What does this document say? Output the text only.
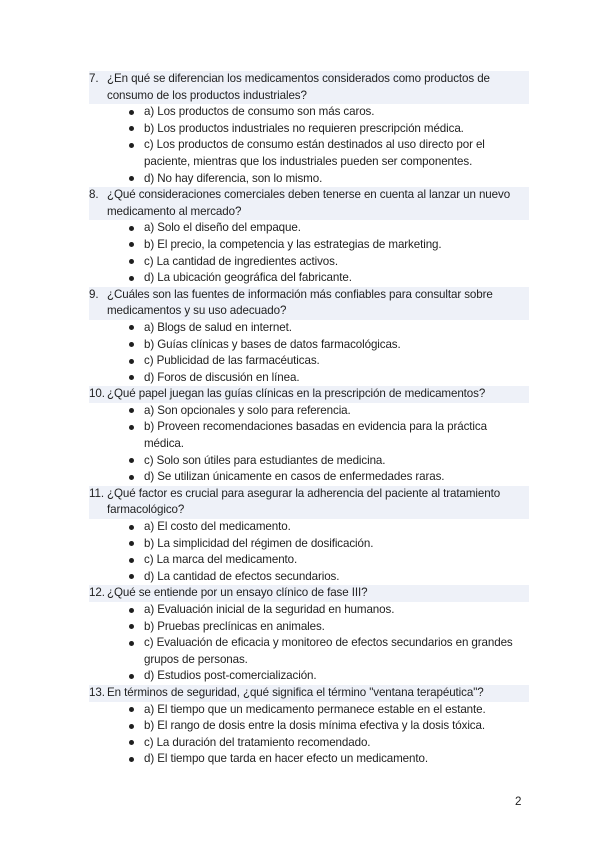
7. ¿En qué se diferencian los medicamentos considerados como productos de consumo de los productos industriales?
a) Los productos de consumo son más caros.
b) Los productos industriales no requieren prescripción médica.
c) Los productos de consumo están destinados al uso directo por el paciente, mientras que los industriales pueden ser componentes.
d) No hay diferencia, son lo mismo.
8. ¿Qué consideraciones comerciales deben tenerse en cuenta al lanzar un nuevo medicamento al mercado?
a) Solo el diseño del empaque.
b) El precio, la competencia y las estrategias de marketing.
c) La cantidad de ingredientes activos.
d) La ubicación geográfica del fabricante.
9. ¿Cuáles son las fuentes de información más confiables para consultar sobre medicamentos y su uso adecuado?
a) Blogs de salud en internet.
b) Guías clínicas y bases de datos farmacológicas.
c) Publicidad de las farmacéuticas.
d) Foros de discusión en línea.
10. ¿Qué papel juegan las guías clínicas en la prescripción de medicamentos?
a) Son opcionales y solo para referencia.
b) Proveen recomendaciones basadas en evidencia para la práctica médica.
c) Solo son útiles para estudiantes de medicina.
d) Se utilizan únicamente en casos de enfermedades raras.
11. ¿Qué factor es crucial para asegurar la adherencia del paciente al tratamiento farmacológico?
a) El costo del medicamento.
b) La simplicidad del régimen de dosificación.
c) La marca del medicamento.
d) La cantidad de efectos secundarios.
12. ¿Qué se entiende por un ensayo clínico de fase III?
a) Evaluación inicial de la seguridad en humanos.
b) Pruebas preclínicas en animales.
c) Evaluación de eficacia y monitoreo de efectos secundarios en grandes grupos de personas.
d) Estudios post-comercialización.
13. En términos de seguridad, ¿qué significa el término "ventana terapéutica"?
a) El tiempo que un medicamento permanece estable en el estante.
b) El rango de dosis entre la dosis mínima efectiva y la dosis tóxica.
c) La duración del tratamiento recomendado.
d) El tiempo que tarda en hacer efecto un medicamento.
2
